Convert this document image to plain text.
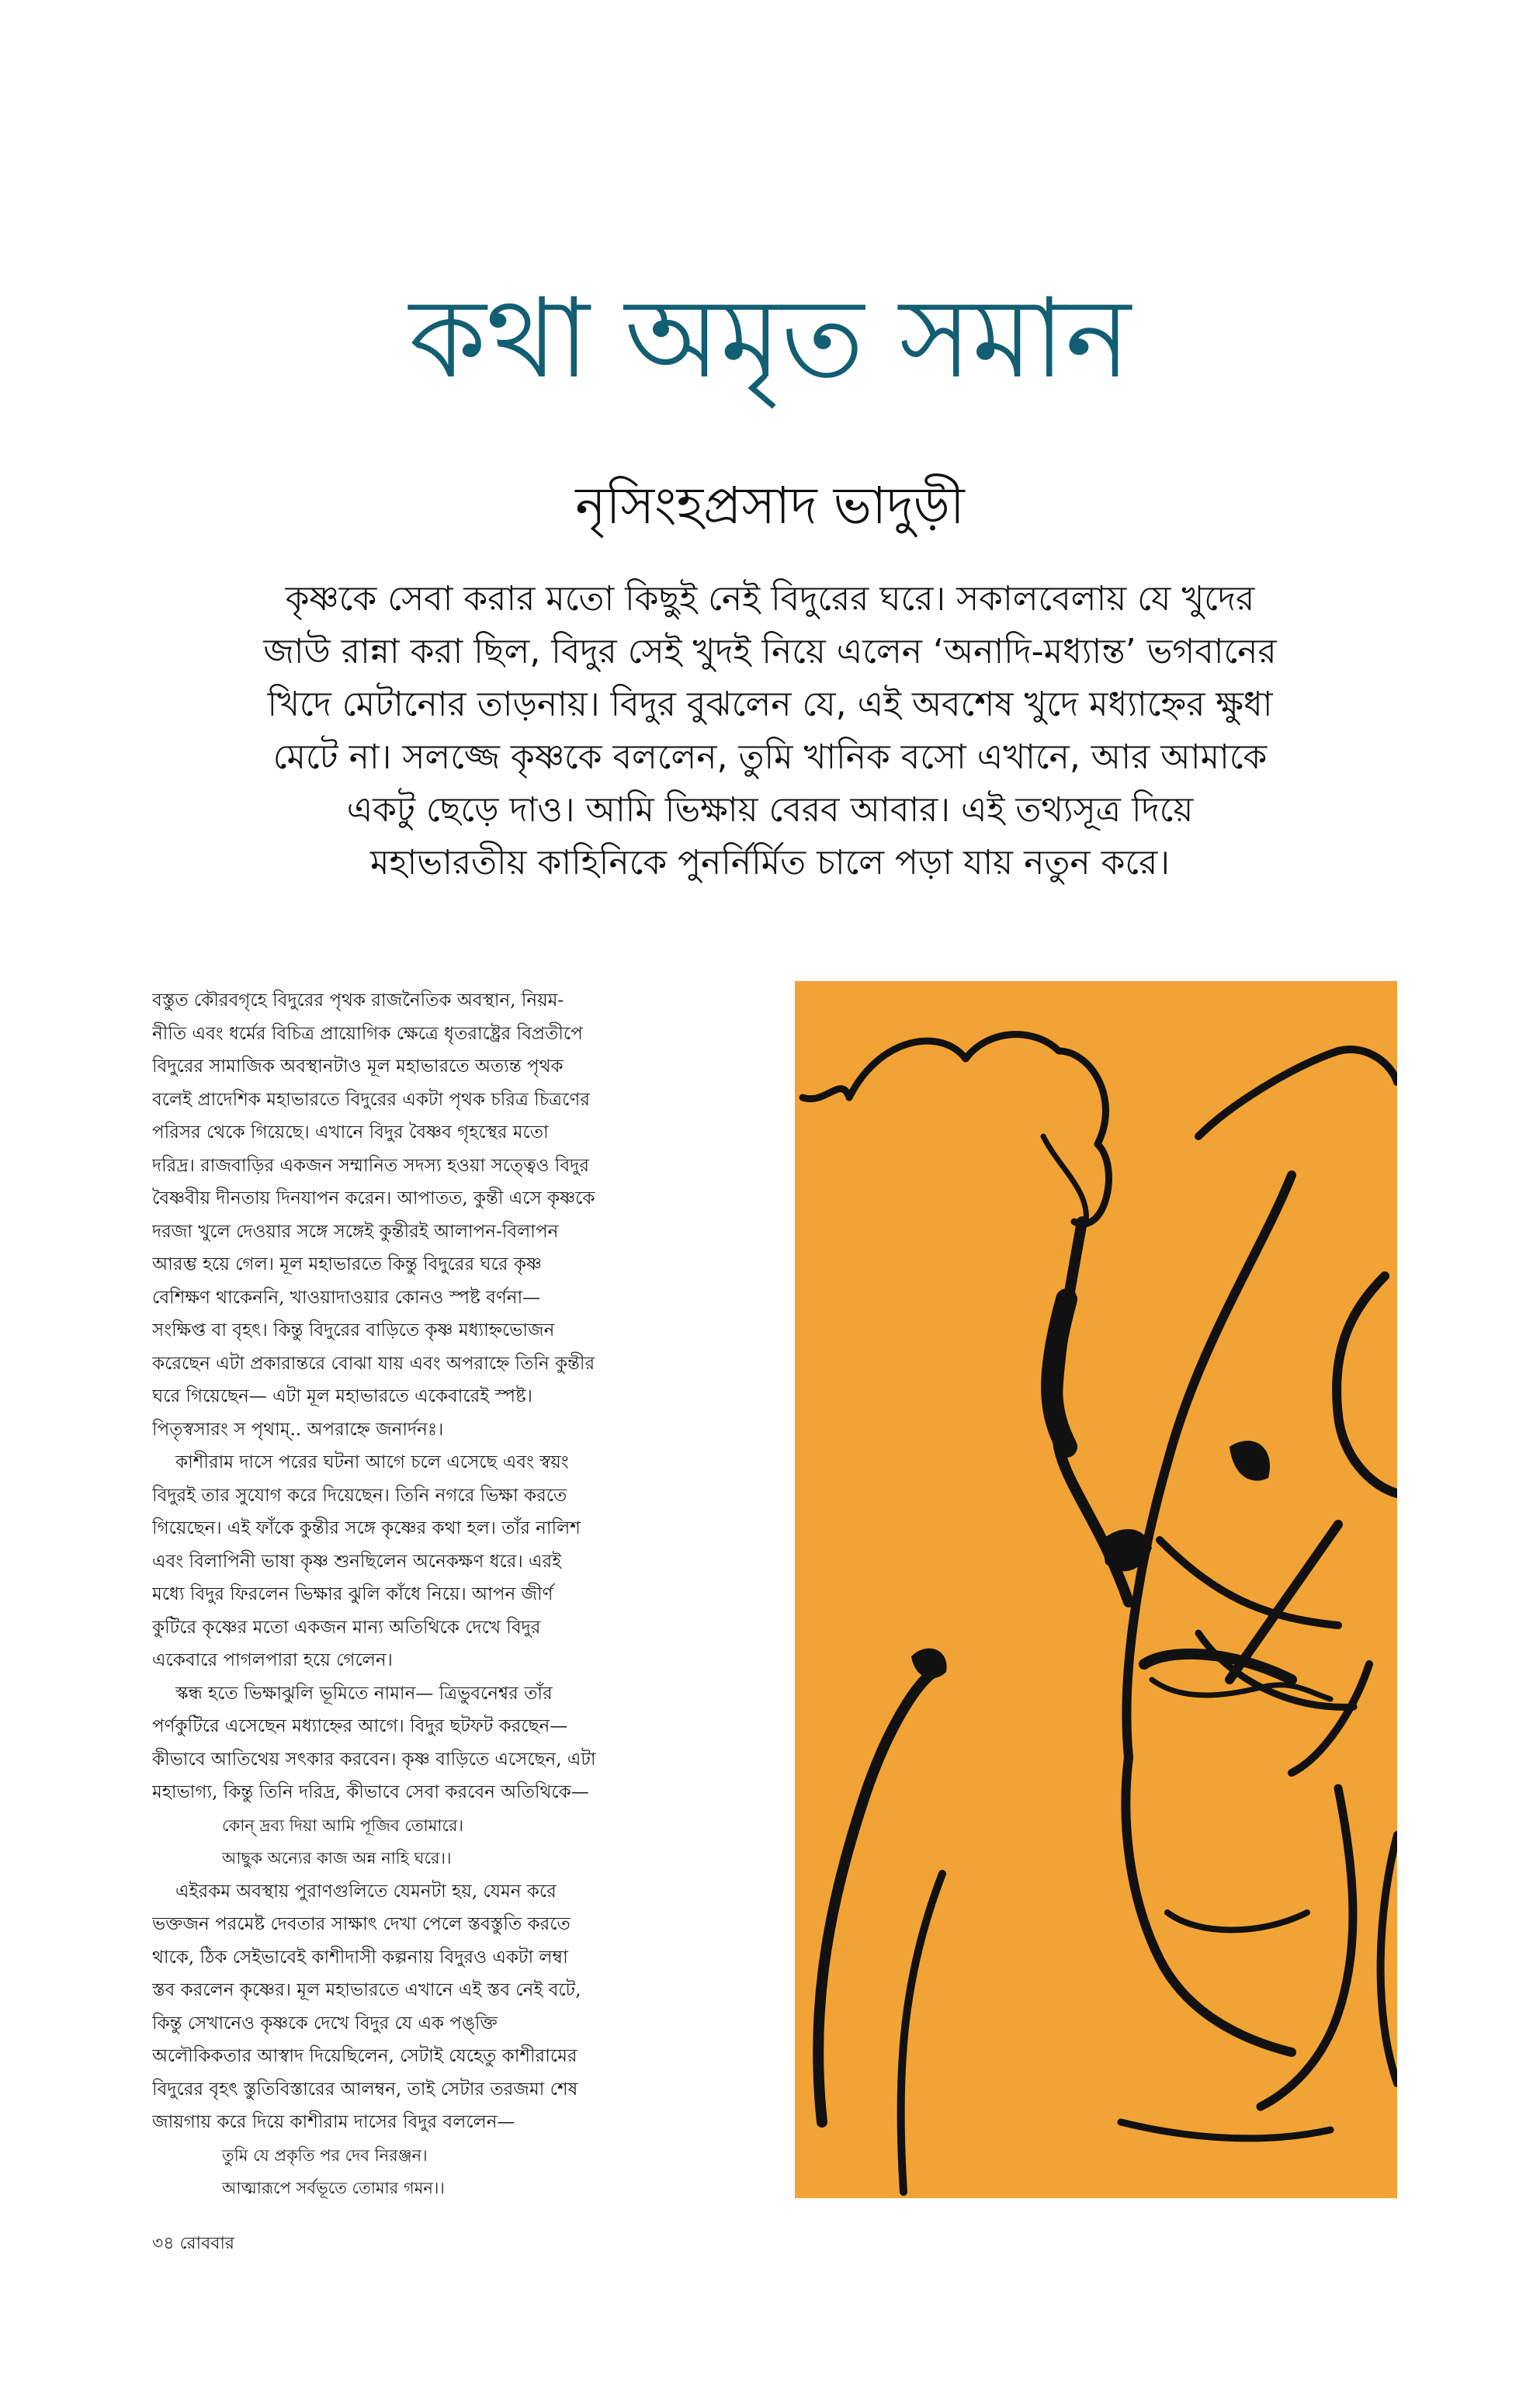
কথা অমৃত সমান
নৃসিংহপ্রসাদ ভাদুড়ী
কৃষ্ণকে সেবা করার মতো কিছুই নেই বিদুরের ঘরে। সকালবেলায় যে খুদের
জাউ রান্না করা ছিল, বিদুর সেই খুদই নিয়ে এলেন ‘অনাদি-মধ্যান্ত’ ভগবানের
খিদে মেটানোর তাড়নায়। বিদুর বুঝলেন যে, এই অবশেষ খুদে মধ্যাহ্নের ক্ষুধা
মেটে না। সলজ্জে কৃষ্ণকে বললেন, তুমি খানিক বসো এখানে, আর আমাকে
একটু ছেড়ে দাও। আমি ভিক্ষায় বেরব আবার। এই তথ্যসূত্র দিয়ে
মহাভারতীয় কাহিনিকে পুনর্নির্মিত চালে পড়া যায় নতুন করে।
বস্তুত কৌরবগৃহে বিদুরের পৃথক রাজনৈতিক অবস্থান, নিয়ম-
নীতি এবং ধর্মের বিচিত্র প্রায়োগিক ক্ষেত্রে ধৃতরাষ্ট্রের বিপ্রতীপে
বিদুরের সামাজিক অবস্থানটাও মূল মহাভারতে অত্যন্ত পৃথক
বলেই প্রাদেশিক মহাভারতে বিদুরের একটা পৃথক চরিত্র চিত্রণের
পরিসর থেকে গিয়েছে। এখানে বিদুর বৈষ্ণব গৃহস্থের মতো
দরিদ্র। রাজবাড়ির একজন সম্মানিত সদস্য হওয়া সত্ত্বেও বিদুর
বৈষ্ণবীয় দীনতায় দিনযাপন করেন। আপাতত, কুন্তী এসে কৃষ্ণকে
দরজা খুলে দেওয়ার সঙ্গে সঙ্গেই কুন্তীরই আলাপন-বিলাপন
আরম্ভ হয়ে গেল। মূল মহাভারতে কিন্তু বিদুরের ঘরে কৃষ্ণ
বেশিক্ষণ থাকেননি, খাওয়াদাওয়ার কোনও স্পষ্ট বর্ণনা—
সংক্ষিপ্ত বা বৃহৎ। কিন্তু বিদুরের বাড়িতে কৃষ্ণ মধ্যাহ্নভোজন
করেছেন এটা প্রকারান্তরে বোঝা যায় এবং অপরাহ্নে তিনি কুন্তীর
ঘরে গিয়েছেন— এটা মূল মহাভারতে একেবারেই স্পষ্ট।
পিতৃস্বসারং স পৃথাম্‌.. অপরাহ্নে জনার্দনঃ।
কাশীরাম দাসে পরের ঘটনা আগে চলে এসেছে এবং স্বয়ং
বিদুরই তার সুযোগ করে দিয়েছেন। তিনি নগরে ভিক্ষা করতে
গিয়েছেন। এই ফাঁকে কুন্তীর সঙ্গে কৃষ্ণের কথা হল। তাঁর নালিশ
এবং বিলাপিনী ভাষা কৃষ্ণ শুনছিলেন অনেকক্ষণ ধরে। এরই
মধ্যে বিদুর ফিরলেন ভিক্ষার ঝুলি কাঁধে নিয়ে। আপন জীর্ণ
কুটিরে কৃষ্ণের মতো একজন মান্য অতিথিকে দেখে বিদুর
একেবারে পাগলপারা হয়ে গেলেন।
স্কন্ধ হতে ভিক্ষাঝুলি ভূমিতে নামান— ত্রিভুবনেশ্বর তাঁর
পর্ণকুটিরে এসেছেন মধ্যাহ্নের আগে। বিদুর ছটফট করছেন—
কীভাবে আতিথেয় সৎকার করবেন। কৃষ্ণ বাড়িতে এসেছেন, এটা
মহাভাগ্য, কিন্তু তিনি দরিদ্র, কীভাবে সেবা করবেন অতিথিকে—
কোন্ দ্রব্য দিয়া আমি পূজিব তোমারে।
আছুক অন্যের কাজ অন্ন নাহি ঘরে।।
এইরকম অবস্থায় পুরাণগুলিতে যেমনটা হয়, যেমন করে
ভক্তজন পরমেষ্ট দেবতার সাক্ষাৎ দেখা পেলে স্তবস্তুতি করতে
থাকে, ঠিক সেইভাবেই কাশীদাসী কল্পনায় বিদুরও একটা লম্বা
স্তব করলেন কৃষ্ণের। মূল মহাভারতে এখানে এই স্তব নেই বটে,
কিন্তু সেখানেও কৃষ্ণকে দেখে বিদুর যে এক পঙ্‌ক্তি
অলৌকিকতার আস্বাদ দিয়েছিলেন, সেটাই যেহেতু কাশীরামের
বিদুরের বৃহৎ স্তুতিবিস্তারের আলম্বন, তাই সেটার তরজমা শেষ
জায়গায় করে দিয়ে কাশীরাম দাসের বিদুর বললেন—
তুমি যে প্রকৃতি পর দেব নিরঞ্জন।
আত্মারূপে সর্বভূতে তোমার গমন।।
৩৪ রোববার
